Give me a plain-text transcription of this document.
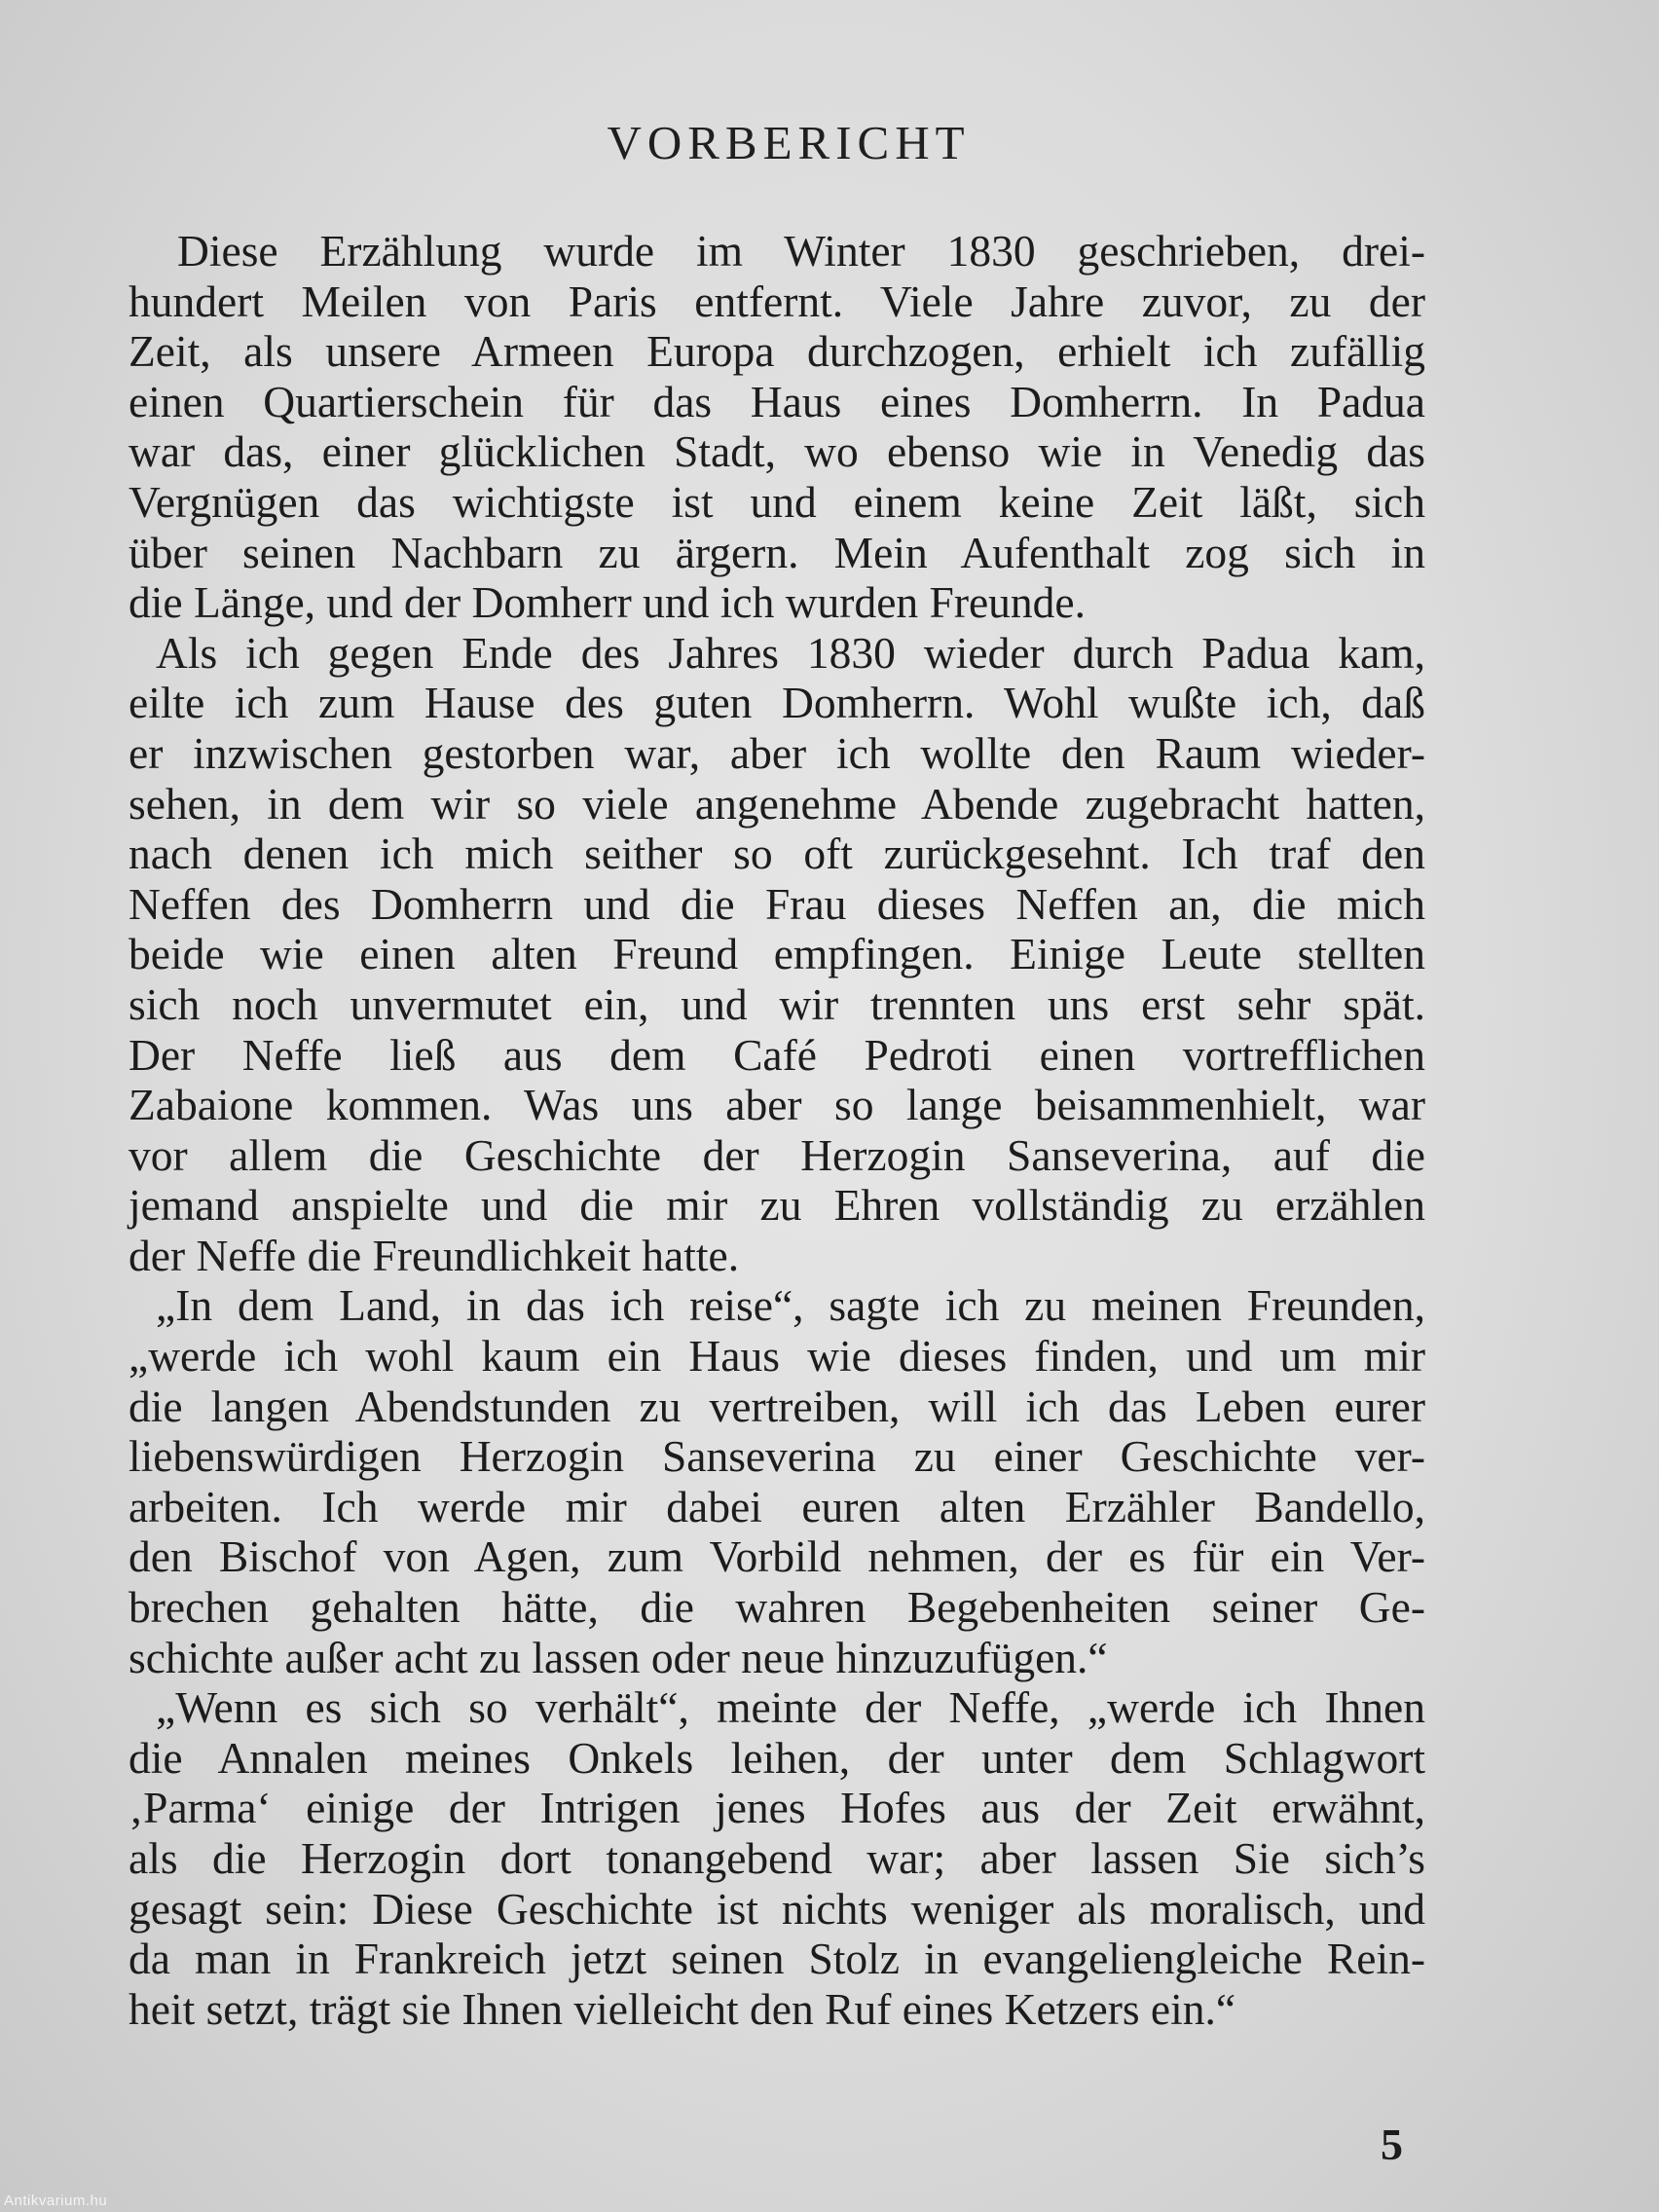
VORBERICHT
Diese Erzählung wurde im Winter 1830 geschrieben, drei-
hundert Meilen von Paris entfernt. Viele Jahre zuvor, zu der
Zeit, als unsere Armeen Europa durchzogen, erhielt ich zufällig
einen Quartierschein für das Haus eines Domherrn. In Padua
war das, einer glücklichen Stadt, wo ebenso wie in Venedig das
Vergnügen das wichtigste ist und einem keine Zeit läßt, sich
über seinen Nachbarn zu ärgern. Mein Aufenthalt zog sich in
die Länge, und der Domherr und ich wurden Freunde.
Als ich gegen Ende des Jahres 1830 wieder durch Padua kam,
eilte ich zum Hause des guten Domherrn. Wohl wußte ich, daß
er inzwischen gestorben war, aber ich wollte den Raum wieder-
sehen, in dem wir so viele angenehme Abende zugebracht hatten,
nach denen ich mich seither so oft zurückgesehnt. Ich traf den
Neffen des Domherrn und die Frau dieses Neffen an, die mich
beide wie einen alten Freund empfingen. Einige Leute stellten
sich noch unvermutet ein, und wir trennten uns erst sehr spät.
Der Neffe ließ aus dem Café Pedroti einen vortrefflichen
Zabaione kommen. Was uns aber so lange beisammenhielt, war
vor allem die Geschichte der Herzogin Sanseverina, auf die
jemand anspielte und die mir zu Ehren vollständig zu erzählen
der Neffe die Freundlichkeit hatte.
„In dem Land, in das ich reise“, sagte ich zu meinen Freunden,
„werde ich wohl kaum ein Haus wie dieses finden, und um mir
die langen Abendstunden zu vertreiben, will ich das Leben eurer
liebenswürdigen Herzogin Sanseverina zu einer Geschichte ver-
arbeiten. Ich werde mir dabei euren alten Erzähler Bandello,
den Bischof von Agen, zum Vorbild nehmen, der es für ein Ver-
brechen gehalten hätte, die wahren Begebenheiten seiner Ge-
schichte außer acht zu lassen oder neue hinzuzufügen.“
„Wenn es sich so verhält“, meinte der Neffe, „werde ich Ihnen
die Annalen meines Onkels leihen, der unter dem Schlagwort
‚Parma‘ einige der Intrigen jenes Hofes aus der Zeit erwähnt,
als die Herzogin dort tonangebend war; aber lassen Sie sich’s
gesagt sein: Diese Geschichte ist nichts weniger als moralisch, und
da man in Frankreich jetzt seinen Stolz in evangeliengleiche Rein-
heit setzt, trägt sie Ihnen vielleicht den Ruf eines Ketzers ein.“
5
Antikvarium.hu
